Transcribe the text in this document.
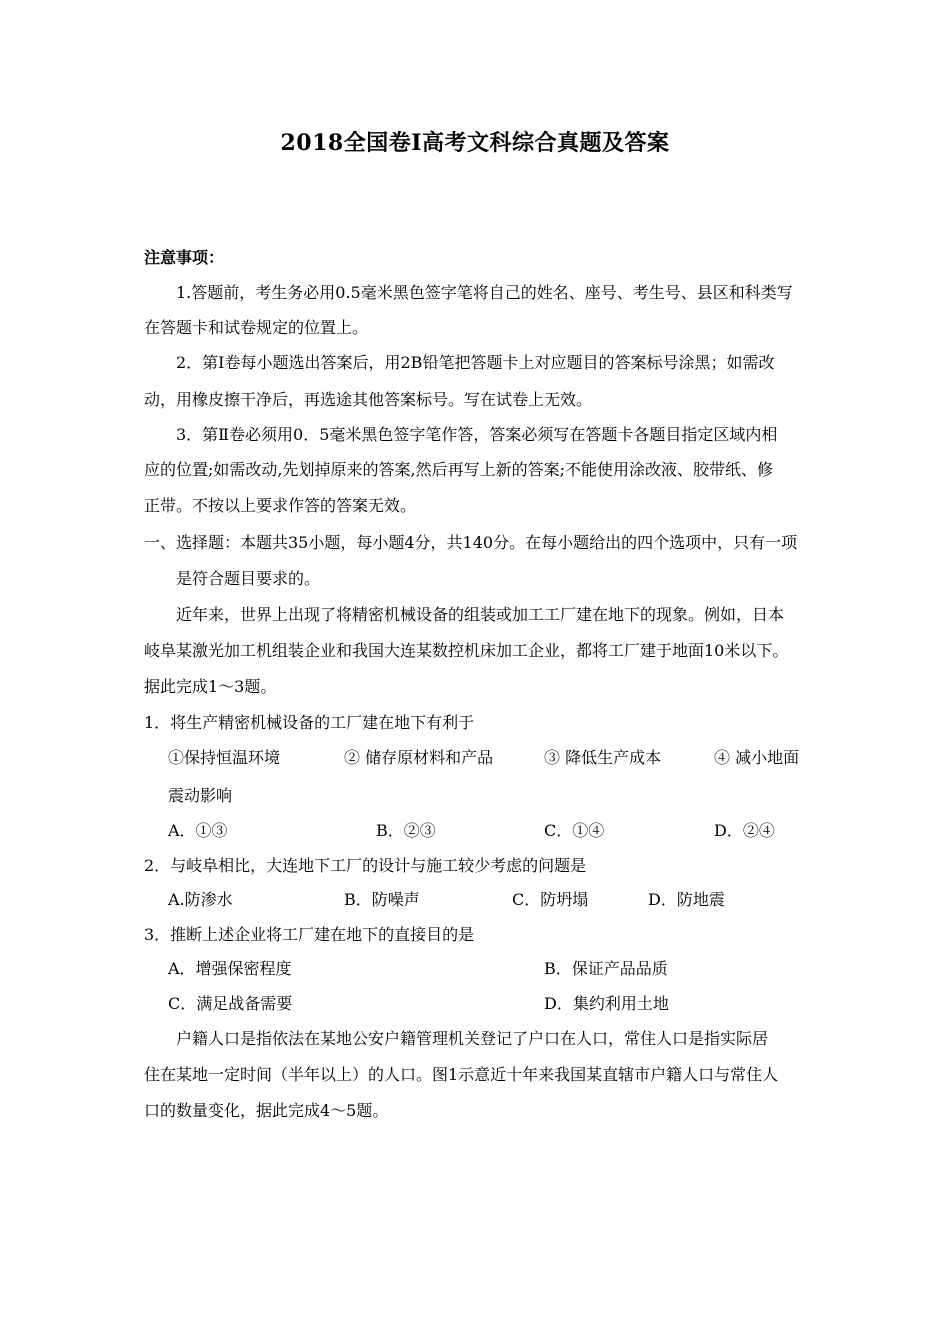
2018全国卷Ⅰ高考文科综合真题及答案
注意事项：
1.答题前，考生务必用0.5毫米黑色签字笔将自己的姓名、座号、考生号、县区和科类写
在答题卡和试卷规定的位置上。
2．第Ⅰ卷每小题选出答案后，用2B铅笔把答题卡上对应题目的答案标号涂黑；如需改
动，用橡皮擦干净后，再选途其他答案标号。写在试卷上无效。
3．第Ⅱ卷必须用0．5毫米黑色签字笔作答，答案必须写在答题卡各题目指定区域内相
应的位置;如需改动,先划掉原来的答案,然后再写上新的答案;不能使用涂改液、胶带纸、修
正带。不按以上要求作答的答案无效。
一、选择题：本题共35小题，每小题4分，共140分。在每小题给出的四个选项中，只有一项
是符合题目要求的。
近年来，世界上出现了将精密机械设备的组装或加工工厂建在地下的现象。例如，日本
岐阜某激光加工机组装企业和我国大连某数控机床加工企业，都将工厂建于地面10米以下。
据此完成1～3题。
1．将生产精密机械设备的工厂建在地下有利于
①保持恒温环境	② 储存原材料和产品	③ 降低生产成本	④ 减小地面
震动影响
A．①③	B．②③	C．①④	D．②④
2．与岐阜相比，大连地下工厂的设计与施工较少考虑的问题是
A.防渗水	B．防噪声	C．防坍塌	D．防地震
3．推断上述企业将工厂建在地下的直接目的是
A．增强保密程度	B．保证产品品质
C．满足战备需要	D．集约利用土地
户籍人口是指依法在某地公安户籍管理机关登记了户口在人口，常住人口是指实际居
住在某地一定时间（半年以上）的人口。图1示意近十年来我国某直辖市户籍人口与常住人
口的数量变化，据此完成4～5题。
